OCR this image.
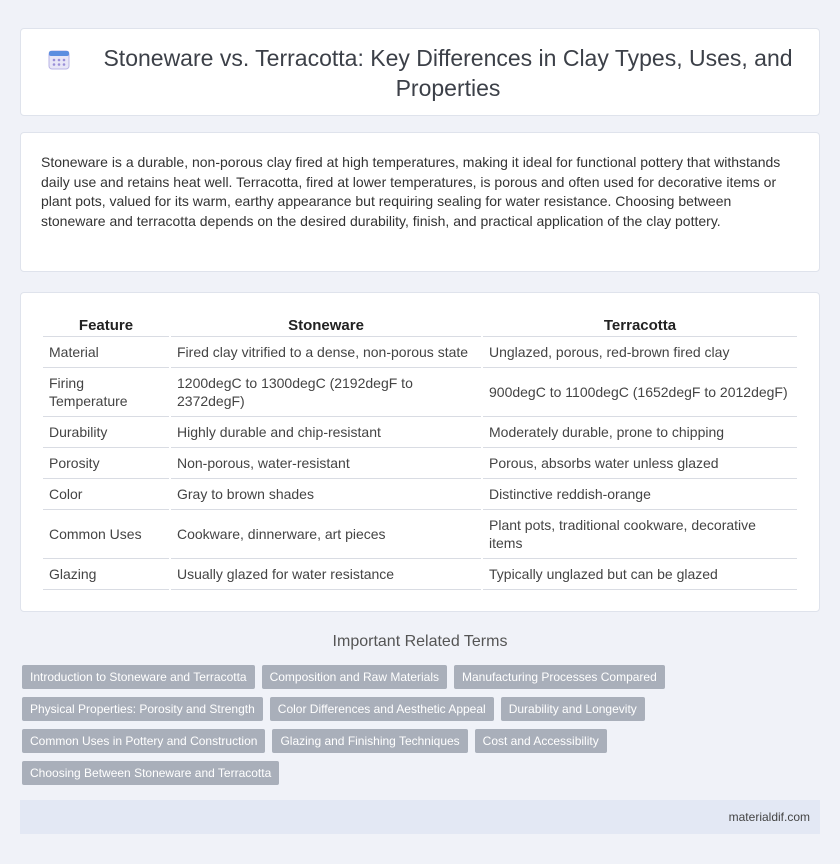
Stoneware vs. Terracotta: Key Differences in Clay Types, Uses, and Properties

Stoneware is a durable, non-porous clay fired at high temperatures, making it ideal for functional pottery that withstands daily use and retains heat well. Terracotta, fired at lower temperatures, is porous and often used for decorative items or plant pots, valued for its warm, earthy appearance but requiring sealing for water resistance. Choosing between stoneware and terracotta depends on the desired durability, finish, and practical application of the clay pottery.

Feature	Stoneware	Terracotta
Material	Fired clay vitrified to a dense, non-porous state	Unglazed, porous, red-brown fired clay
Firing Temperature	1200degC to 1300degC (2192degF to 2372degF)	900degC to 1100degC (1652degF to 2012degF)
Durability	Highly durable and chip-resistant	Moderately durable, prone to chipping
Porosity	Non-porous, water-resistant	Porous, absorbs water unless glazed
Color	Gray to brown shades	Distinctive reddish-orange
Common Uses	Cookware, dinnerware, art pieces	Plant pots, traditional cookware, decorative items
Glazing	Usually glazed for water resistance	Typically unglazed but can be glazed
Important Related Terms
Introduction to Stoneware and Terracotta	Composition and Raw Materials	Manufacturing Processes Compared
Physical Properties: Porosity and Strength	Color Differences and Aesthetic Appeal	Durability and Longevity
Common Uses in Pottery and Construction	Glazing and Finishing Techniques	Cost and Accessibility
Choosing Between Stoneware and Terracotta
materialdif.com
